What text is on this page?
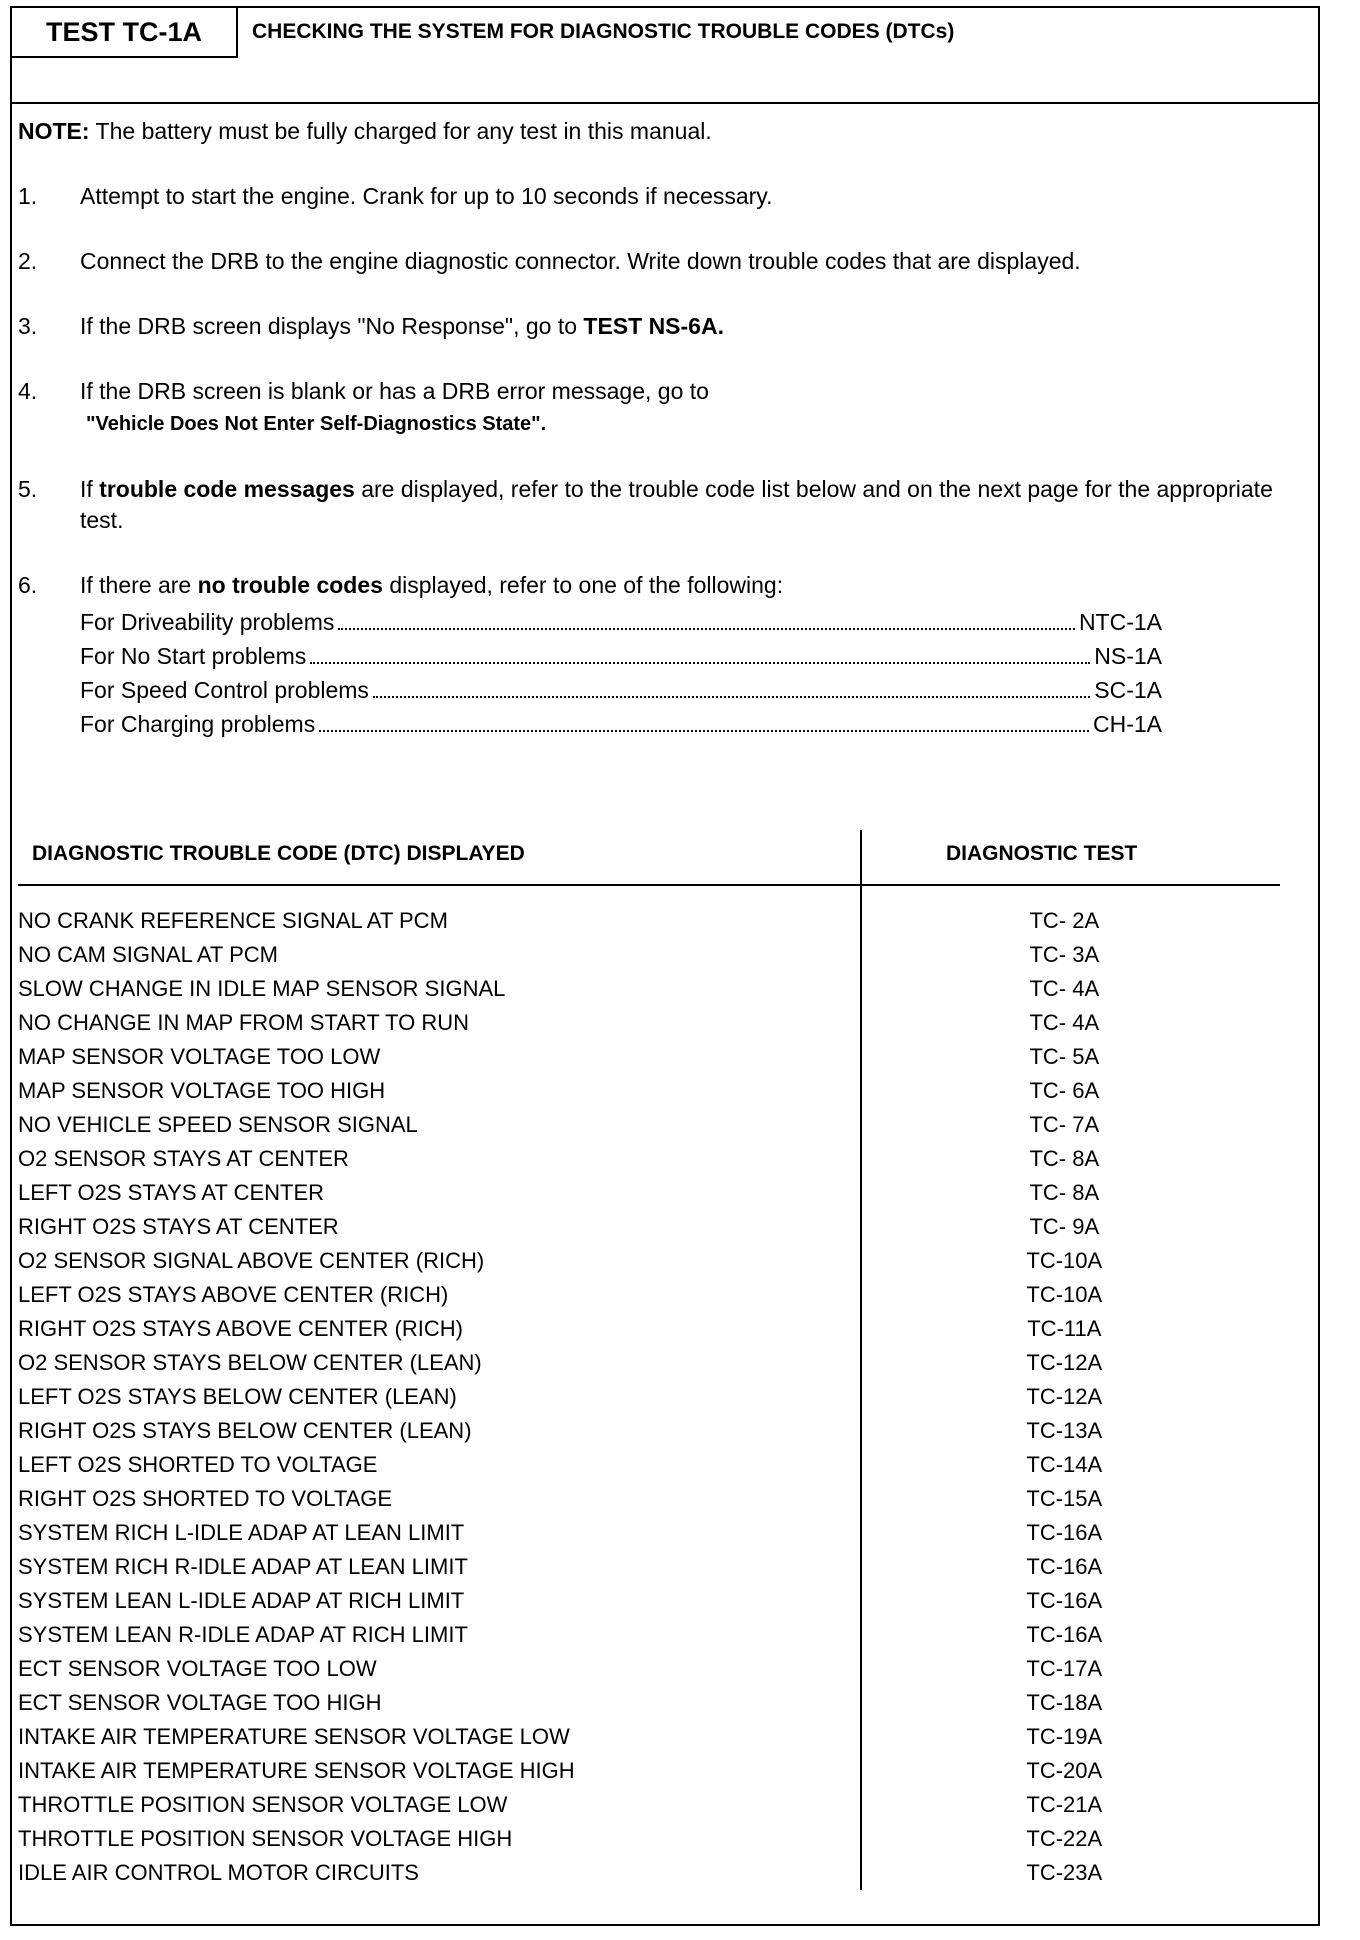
TEST TC-1A	CHECKING THE SYSTEM FOR DIAGNOSTIC TROUBLE CODES (DTCs)
NOTE: The battery must be fully charged for any test in this manual.
1.	Attempt to start the engine. Crank for up to 10 seconds if necessary.
2.	Connect the DRB to the engine diagnostic connector. Write down trouble codes that are displayed.
3.	If the DRB screen displays "No Response", go to TEST NS-6A.
4.	If the DRB screen is blank or has a DRB error message, go to
"Vehicle Does Not Enter Self-Diagnostics State".
5.	If trouble code messages are displayed, refer to the trouble code list below and on the next page for the appropriate test.
6.	If there are no trouble codes displayed, refer to one of the following:
For Driveability problems	NTC-1A
For No Start problems	NS-1A
For Speed Control problems	SC-1A
For Charging problems	CH-1A
DIAGNOSTIC TROUBLE CODE (DTC) DISPLAYED	DIAGNOSTIC TEST
NO CRANK REFERENCE SIGNAL AT PCM	TC- 2A
NO CAM SIGNAL AT PCM	TC- 3A
SLOW CHANGE IN IDLE MAP SENSOR SIGNAL	TC- 4A
NO CHANGE IN MAP FROM START TO RUN	TC- 4A
MAP SENSOR VOLTAGE TOO LOW	TC- 5A
MAP SENSOR VOLTAGE TOO HIGH	TC- 6A
NO VEHICLE SPEED SENSOR SIGNAL	TC- 7A
O2 SENSOR STAYS AT CENTER	TC- 8A
LEFT O2S STAYS AT CENTER	TC- 8A
RIGHT O2S STAYS AT CENTER	TC- 9A
O2 SENSOR SIGNAL ABOVE CENTER (RICH)	TC-10A
LEFT O2S STAYS ABOVE CENTER (RICH)	TC-10A
RIGHT O2S STAYS ABOVE CENTER (RICH)	TC-11A
O2 SENSOR STAYS BELOW CENTER (LEAN)	TC-12A
LEFT O2S STAYS BELOW CENTER (LEAN)	TC-12A
RIGHT O2S STAYS BELOW CENTER (LEAN)	TC-13A
LEFT O2S SHORTED TO VOLTAGE	TC-14A
RIGHT O2S SHORTED TO VOLTAGE	TC-15A
SYSTEM RICH L-IDLE ADAP AT LEAN LIMIT	TC-16A
SYSTEM RICH R-IDLE ADAP AT LEAN LIMIT	TC-16A
SYSTEM LEAN L-IDLE ADAP AT RICH LIMIT	TC-16A
SYSTEM LEAN R-IDLE ADAP AT RICH LIMIT	TC-16A
ECT SENSOR VOLTAGE TOO LOW	TC-17A
ECT SENSOR VOLTAGE TOO HIGH	TC-18A
INTAKE AIR TEMPERATURE SENSOR VOLTAGE LOW	TC-19A
INTAKE AIR TEMPERATURE SENSOR VOLTAGE HIGH	TC-20A
THROTTLE POSITION SENSOR VOLTAGE LOW	TC-21A
THROTTLE POSITION SENSOR VOLTAGE HIGH	TC-22A
IDLE AIR CONTROL MOTOR CIRCUITS	TC-23A
